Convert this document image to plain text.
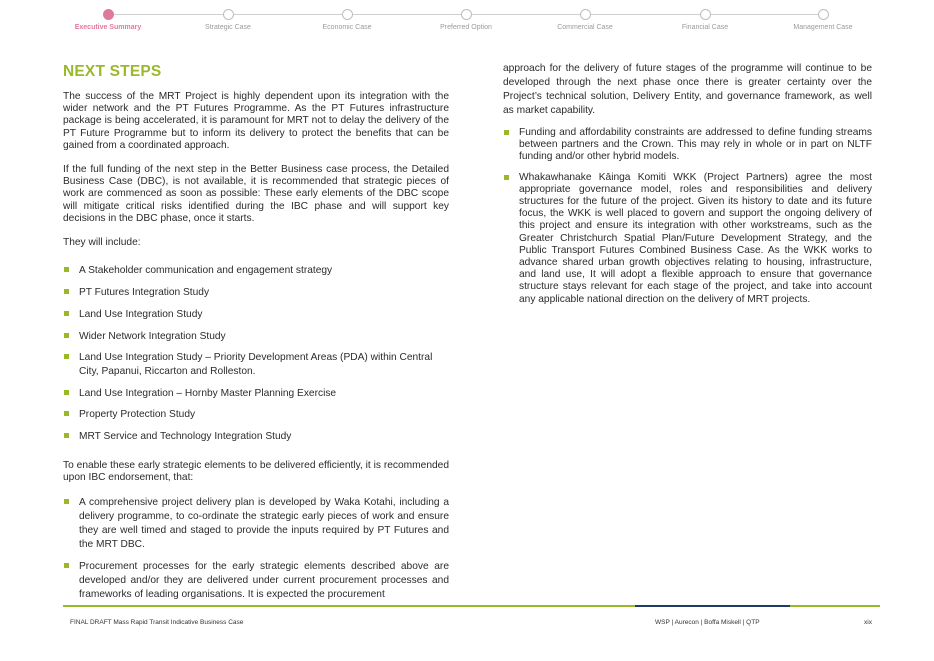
Executive Summary	Strategic Case	Economic Case	Preferred Option	Commercial Case	Financial Case	Management Case
NEXT STEPS

The success of the MRT Project is highly dependent upon its integration with the wider network and the PT Futures Programme. As the PT Futures infrastructure package is being accelerated, it is paramount for MRT not to delay the delivery of the PT Future Programme but to inform its delivery to protect the benefits that can be gained from a coordinated approach.

If the full funding of the next step in the Better Business case process, the Detailed Business Case (DBC), is not available, it is recommended that strategic pieces of work are commenced as soon as possible: These early elements of the DBC scope will mitigate critical risks identified during the IBC phase and will support key decisions in the DBC phase, once it starts.

They will include:

A Stakeholder communication and engagement strategy
PT Futures Integration Study
Land Use Integration Study
Wider Network Integration Study
Land Use Integration Study – Priority Development Areas (PDA) within Central City, Papanui, Riccarton and Rolleston.
Land Use Integration – Hornby Master Planning Exercise
Property Protection Study
MRT Service and Technology Integration Study

To enable these early strategic elements to be delivered efficiently, it is recommended upon IBC endorsement, that:

A comprehensive project delivery plan is developed by Waka Kotahi, including a delivery programme, to co-ordinate the strategic early pieces of work and ensure they are well timed and staged to provide the inputs required by PT Futures and the MRT DBC.
Procurement processes for the early strategic elements described above are developed and/or they are delivered under current procurement processes and frameworks of leading organisations. It is expected the procurement

approach for the delivery of future stages of the programme will continue to be developed through the next phase once there is greater certainty over the Project’s technical solution, Delivery Entity, and governance framework, as well as market capability.

Funding and affordability constraints are addressed to define funding streams between partners and the Crown. This may rely in whole or in part on NLTF funding and/or other hybrid models.
Whakawhanake Kāinga Komiti WKK (Project Partners) agree the most appropriate governance model, roles and responsibilities and delivery structures for the future of the project. Given its history to date and its future focus, the WKK is well placed to govern and support the ongoing delivery of this project and ensure its integration with other workstreams, such as the Greater Christchurch Spatial Plan/Future Development Strategy, and the Public Transport Futures Combined Business Case. As the WKK works to advance shared urban growth objectives relating to housing, infrastructure, and land use, It will adopt a flexible approach to ensure that governance structure stays relevant for each stage of the project, and take into account any applicable national direction on the delivery of MRT projects.
FINAL DRAFT Mass Rapid Transit Indicative Business Case	WSP | Aurecon | Boffa Miskell | QTP	xix
